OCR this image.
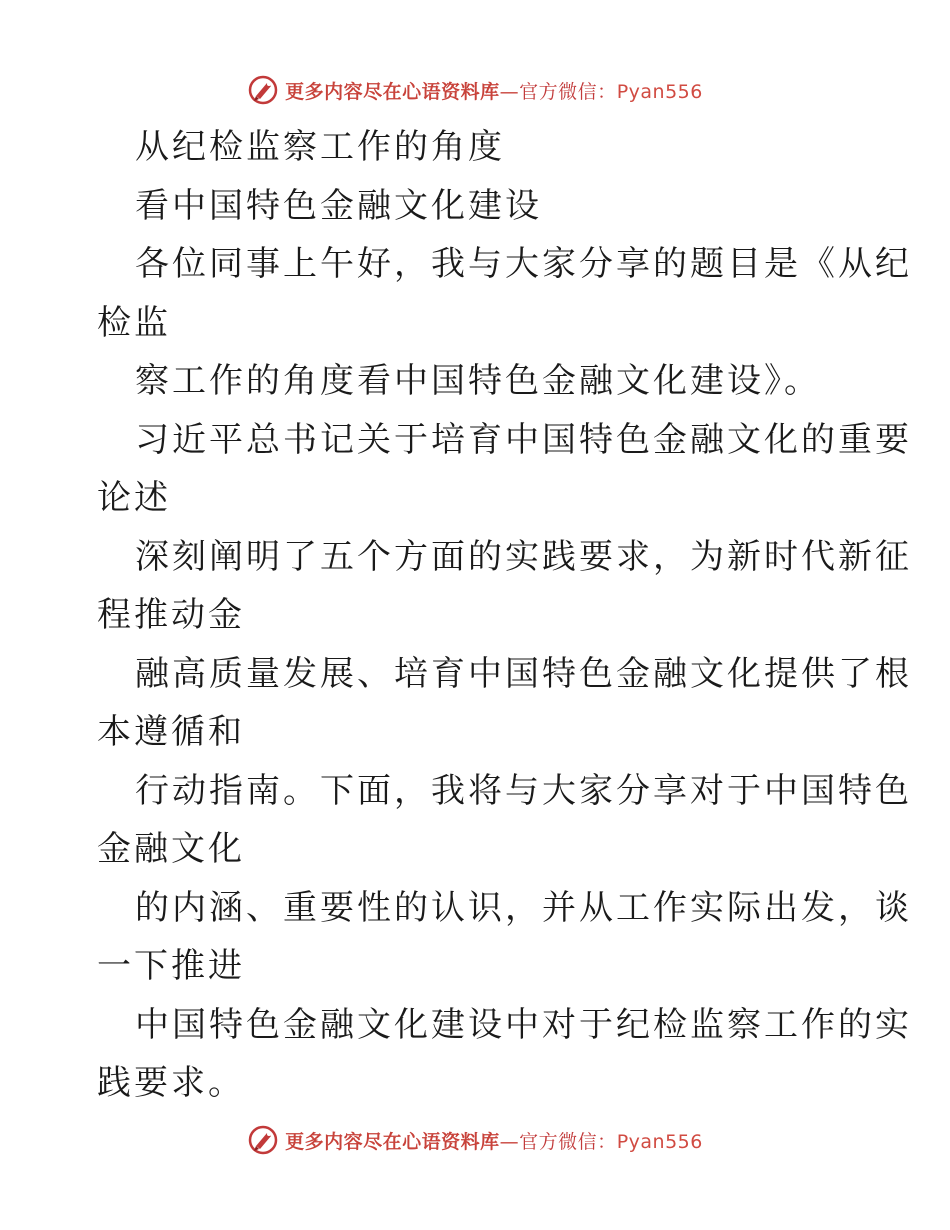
更多内容尽在心语资料库—官方微信：Pyan556
从纪检监察工作的角度
看中国特色金融文化建设
各位同事上午好，我与大家分享的题目是《从纪
检监
察工作的角度看中国特色金融文化建设》。
习近平总书记关于培育中国特色金融文化的重要
论述
深刻阐明了五个方面的实践要求，为新时代新征
程推动金
融高质量发展、培育中国特色金融文化提供了根
本遵循和
行动指南。下面，我将与大家分享对于中国特色
金融文化
的内涵、重要性的认识，并从工作实际出发，谈
一下推进
中国特色金融文化建设中对于纪检监察工作的实
践要求。
更多内容尽在心语资料库—官方微信：Pyan556
